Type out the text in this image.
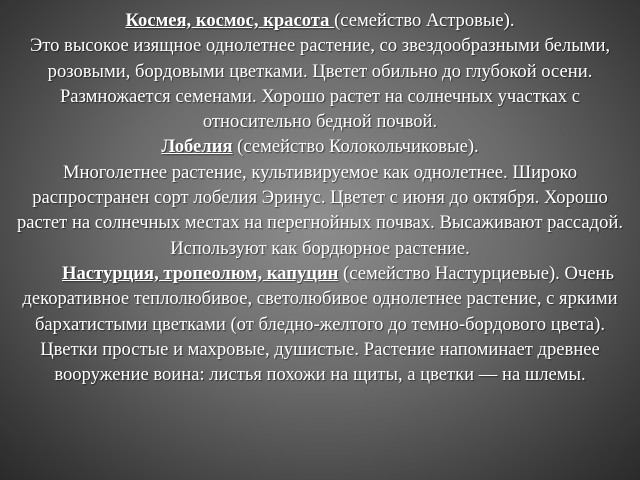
Космея, космос, красота (семейство Астровые).

Это высокое изящное однолетнее растение, со звездообразными белыми, розовыми, бордовыми цветками. Цветет обильно до глубокой осени. Размножается семенами. Хорошо растет на солнечных участках с относительно бедной почвой.

Лобелия (семейство Колокольчиковые).

Многолетнее растение, культивируемое как однолетнее. Широко распространен сорт лобелия Эринус. Цветет с июня до октября. Хорошо растет на солнечных местах на перегнойных почвах. Высаживают рассадой. Используют как бордюрное растение.

Настурция, тропеолюм, капуцин (семейство Настурциевые). Очень декоративное теплолюбивое, светолюбивое однолетнее растение, с яркими бархатистыми цветками (от бледно-желтого до темно-бордового цвета). Цветки простые и махровые, душистые. Растение напоминает древнее вооружение воина: листья похожи на щиты, а цветки — на шлемы.
